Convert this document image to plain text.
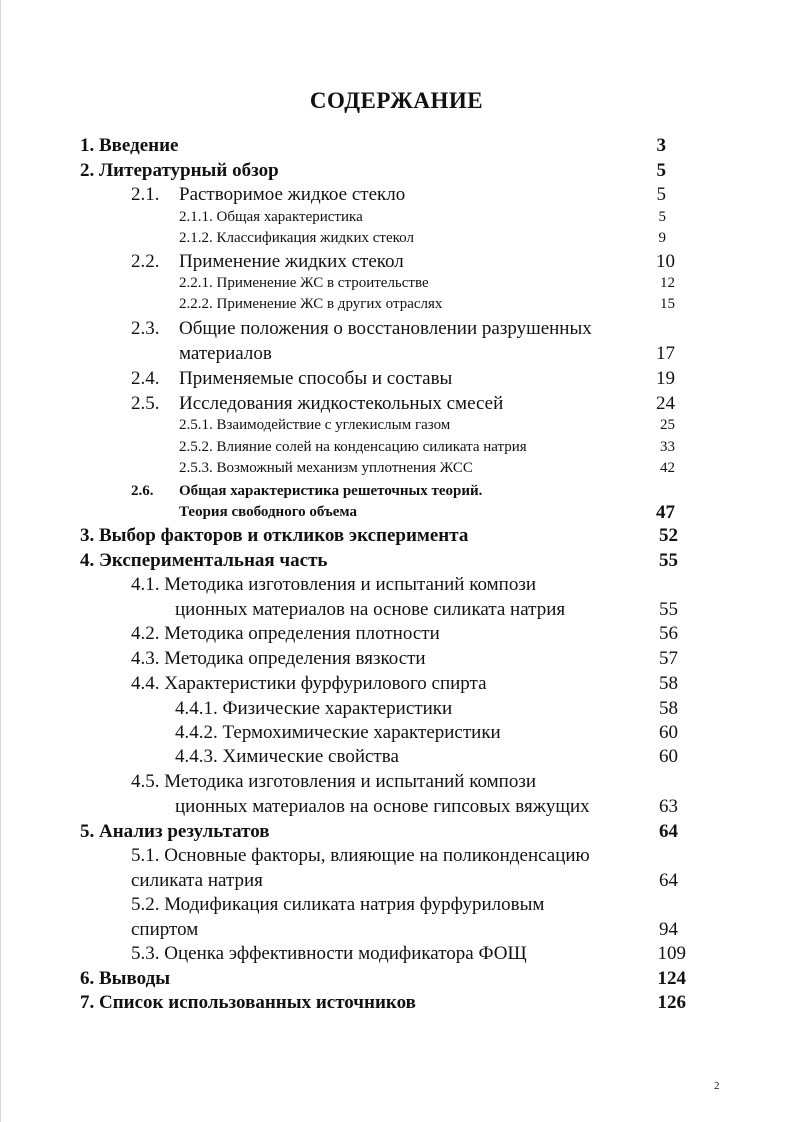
СОДЕРЖАНИЕ
1. Введение	3
2. Литературный обзор	5
2.1. Растворимое жидкое стекло	5
2.1.1. Общая характеристика	5
2.1.2. Классификация жидких стекол	9
2.2. Применение жидких стекол	10
2.2.1. Применение ЖС в строительстве	12
2.2.2. Применение ЖС в других отраслях	15
2.3. Общие положения о восстановлении разрушенных
материалов	17
2.4. Применяемые способы и составы	19
2.5. Исследования жидкостекольных смесей	24
2.5.1. Взаимодействие с углекислым газом	25
2.5.2. Влияние солей на конденсацию силиката натрия	33
2.5.3. Возможный механизм уплотнения ЖСС	42
2.6. Общая характеристика решеточных теорий.
Теория свободного объема	47
3. Выбор факторов и откликов эксперимента	52
4. Экспериментальная часть	55
4.1. Методика изготовления и испытаний компози
ционных материалов на основе силиката натрия	55
4.2. Методика определения плотности	56
4.3. Методика определения вязкости	57
4.4. Характеристики фурфурилового спирта	58
4.4.1. Физические характеристики	58
4.4.2. Термохимические характеристики	60
4.4.3. Химические свойства	60
4.5. Методика изготовления и испытаний компози
ционных материалов на основе гипсовых вяжущих	63
5. Анализ результатов	64
5.1. Основные факторы, влияющие на поликонденсацию
силиката натрия	64
5.2. Модификация силиката натрия фурфуриловым
спиртом	94
5.3. Оценка эффективности модификатора ФОЩ	109
6. Выводы	124
7. Список использованных источников	126
2
